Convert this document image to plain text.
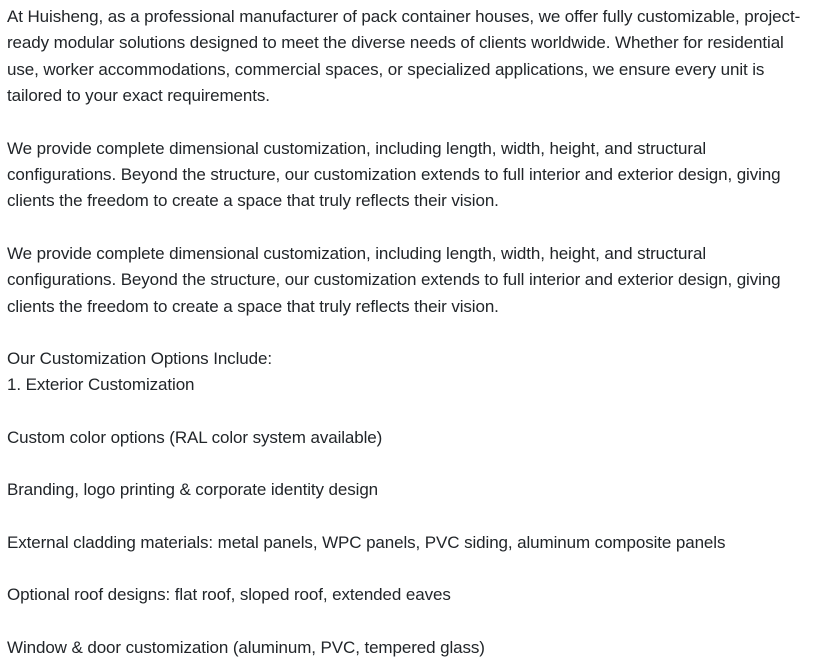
At Huisheng, as a professional manufacturer of pack container houses, we offer fully customizable, project-ready modular solutions designed to meet the diverse needs of clients worldwide. Whether for residential use, worker accommodations, commercial spaces, or specialized applications, we ensure every unit is tailored to your exact requirements.

We provide complete dimensional customization, including length, width, height, and structural configurations. Beyond the structure, our customization extends to full interior and exterior design, giving clients the freedom to create a space that truly reflects their vision.

We provide complete dimensional customization, including length, width, height, and structural configurations. Beyond the structure, our customization extends to full interior and exterior design, giving clients the freedom to create a space that truly reflects their vision.

Our Customization Options Include:
1. Exterior Customization

Custom color options (RAL color system available)

Branding, logo printing & corporate identity design

External cladding materials: metal panels, WPC panels, PVC siding, aluminum composite panels

Optional roof designs: flat roof, sloped roof, extended eaves

Window & door customization (aluminum, PVC, tempered glass)
